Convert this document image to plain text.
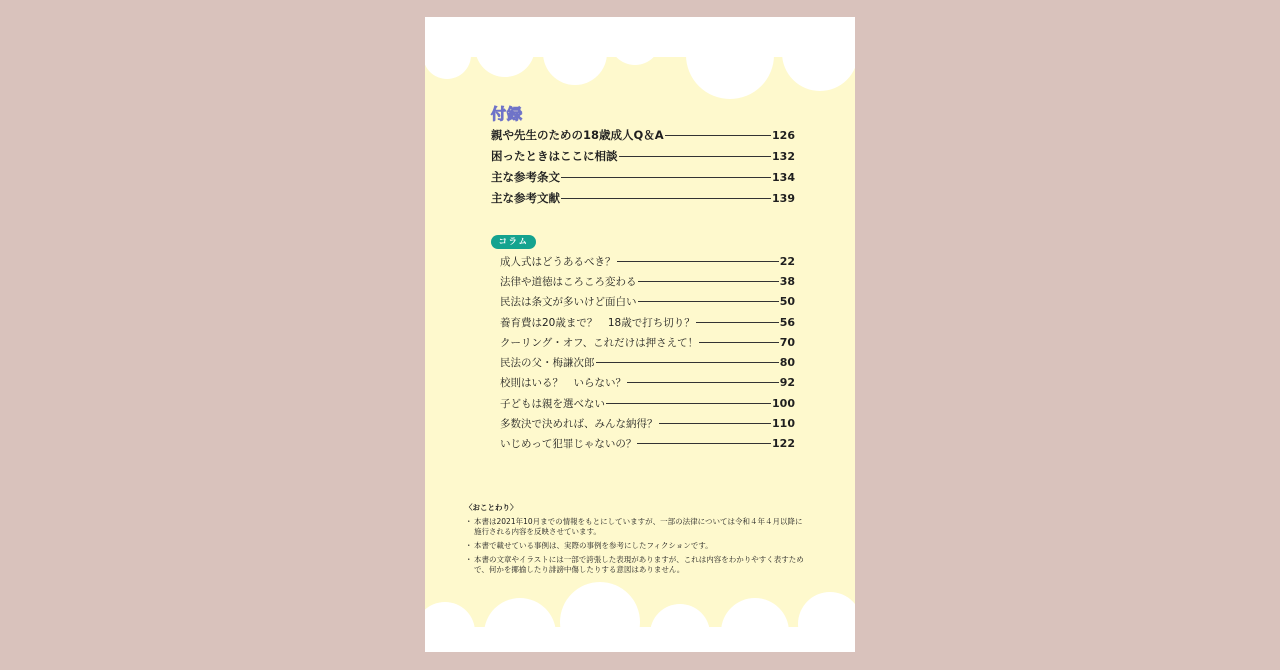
付録
親や先生のための18歳成人Q＆A	126
困ったときはここに相談	132
主な参考条文	134
主な参考文献	139
コラム
成人式はどうあるべき？	22
法律や道徳はころころ変わる	38
民法は条文が多いけど面白い	50
養育費は20歳まで？　18歳で打ち切り？	56
クーリング・オフ、これだけは押さえて！	70
民法の父・梅謙次郎	80
校則はいる？　いらない？	92
子どもは親を選べない	100
多数決で決めれば、みんな納得？	110
いじめって犯罪じゃないの？	122
〈おことわり〉
・ 本書は2021年10月までの情報をもとにしていますが、一部の法律については令和４年４月以降に施行される内容を反映させています。
・ 本書で載せている事例は、実際の事例を参考にしたフィクションです。
・ 本書の文章やイラストには一部で誇張した表現がありますが、これは内容をわかりやすく表すためで、何かを揶揄したり誹謗中傷したりする意図はありません。
